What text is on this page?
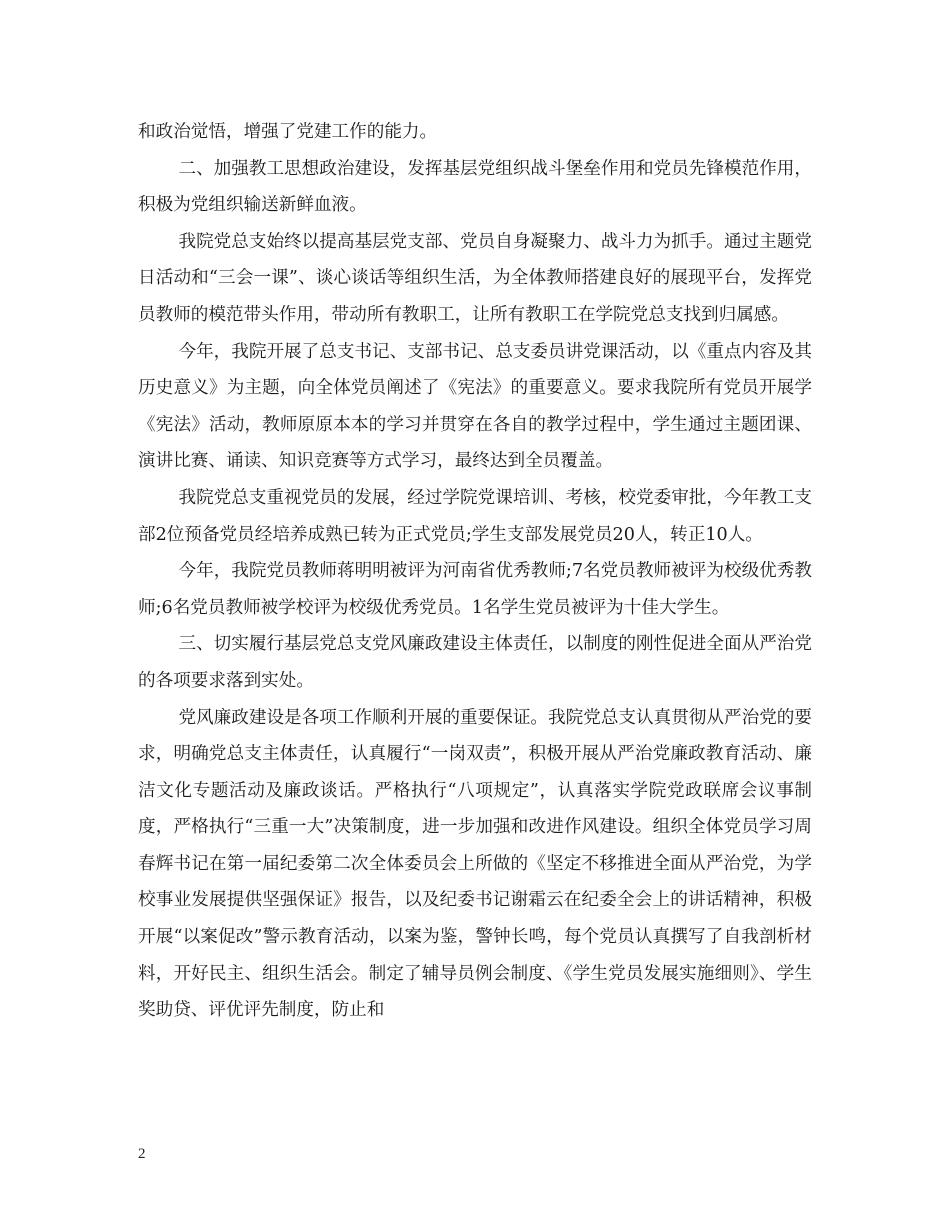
和政治觉悟，增强了党建工作的能力。

二、加强教工思想政治建设，发挥基层党组织战斗堡垒作用和党员先锋模范作用，积极为党组织输送新鲜血液。

我院党总支始终以提高基层党支部、党员自身凝聚力、战斗力为抓手。通过主题党日活动和“三会一课”、谈心谈话等组织生活，为全体教师搭建良好的展现平台，发挥党员教师的模范带头作用，带动所有教职工，让所有教职工在学院党总支找到归属感。

今年，我院开展了总支书记、支部书记、总支委员讲党课活动，以《重点内容及其历史意义》为主题，向全体党员阐述了《宪法》的重要意义。要求我院所有党员开展学《宪法》活动，教师原原本本的学习并贯穿在各自的教学过程中，学生通过主题团课、演讲比赛、诵读、知识竞赛等方式学习，最终达到全员覆盖。

我院党总支重视党员的发展，经过学院党课培训、考核，校党委审批，今年教工支部2位预备党员经培养成熟已转为正式党员;学生支部发展党员20人，转正10人。

今年，我院党员教师蒋明明被评为河南省优秀教师;7名党员教师被评为校级优秀教师;6名党员教师被学校评为校级优秀党员。1名学生党员被评为十佳大学生。

三、切实履行基层党总支党风廉政建设主体责任，以制度的刚性促进全面从严治党的各项要求落到实处。

党风廉政建设是各项工作顺利开展的重要保证。我院党总支认真贯彻从严治党的要求，明确党总支主体责任，认真履行“一岗双责”，积极开展从严治党廉政教育活动、廉洁文化专题活动及廉政谈话。严格执行“八项规定”，认真落实学院党政联席会议事制度，严格执行“三重一大”决策制度，进一步加强和改进作风建设。组织全体党员学习周春辉书记在第一届纪委第二次全体委员会上所做的《坚定不移推进全面从严治党，为学校事业发展提供坚强保证》报告，以及纪委书记谢霜云在纪委全会上的讲话精神，积极开展“以案促改”警示教育活动，以案为鉴，警钟长鸣，每个党员认真撰写了自我剖析材料，开好民主、组织生活会。制定了辅导员例会制度、《学生党员发展实施细则》、学生奖助贷、评优评先制度，防止和

2
